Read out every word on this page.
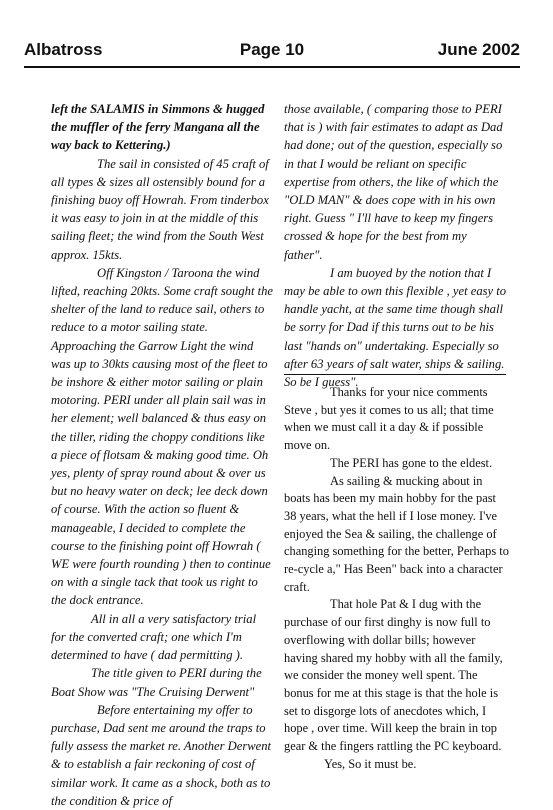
Albatross	Page 10	June 2002

left the SALAMIS in Simmons & hugged the muffler of the ferry Mangana all the way back to Kettering.)

The sail in consisted of 45 craft of all types & sizes all ostensibly bound for a finishing buoy off Howrah. From tinderbox it was easy to join in at the middle of this sailing fleet; the wind from the South West approx. 15kts.

Off Kingston / Taroona the wind lifted, reaching 20kts. Some craft sought the shelter of the land to reduce sail, others to reduce to a motor sailing state. Approaching the Garrow Light the wind was up to 30kts causing most of the fleet to be inshore & either motor sailing or plain motoring. PERI under all plain sail was in her element; well balanced & thus easy on the tiller, riding the choppy conditions like a piece of flotsam & making good time. Oh yes, plenty of spray round about & over us but no heavy water on deck; lee deck down of course. With the action so fluent & manageable, I decided to complete the course to the finishing point off Howrah ( WE were fourth rounding ) then to continue on with a single tack that took us right to the dock entrance.

All in all a very satisfactory trial for the converted craft; one which I'm determined to have ( dad permitting ).

The title given to PERI during the Boat Show was "The Cruising Derwent"

Before entertaining my offer to purchase, Dad sent me around the traps to fully assess the market re. Another Derwent & to establish a fair reckoning of cost of similar work. It came as a shock, both as to the condition & price of

those available, ( comparing those to PERI that is ) with fair estimates to adapt as Dad had done; out of the question, especially so in that I would be reliant on specific expertise from others, the like of which the "OLD MAN" & does cope with in his own right. Guess " I'll have to keep my fingers crossed & hope for the best from my father".

I am buoyed by the notion that I may be able to own this flexible , yet easy to handle yacht, at the same time though shall be sorry for Dad if this turns out to be his last "hands on" undertaking. Especially so after 63 years of salt water, ships & sailing. So be I guess".

Thanks for your nice comments Steve , but yes it comes to us all; that time when we must call it a day & if possible move on.

The PERI has gone to the eldest.

As sailing & mucking about in boats has been my main hobby for the past 38 years, what the hell if I lose money. I've enjoyed the Sea & sailing, the challenge of changing something for the better, Perhaps to re-cycle a," Has Been" back into a character craft.

That hole Pat & I dug with the purchase of our first dinghy is now full to overflowing with dollar bills; however having shared my hobby with all the family, we consider the money well spent. The bonus for me at this stage is that the hole is set to disgorge lots of anecdotes which, I hope , over time. Will keep the brain in top gear & the fingers rattling the PC keyboard.

Yes, So it must be.
